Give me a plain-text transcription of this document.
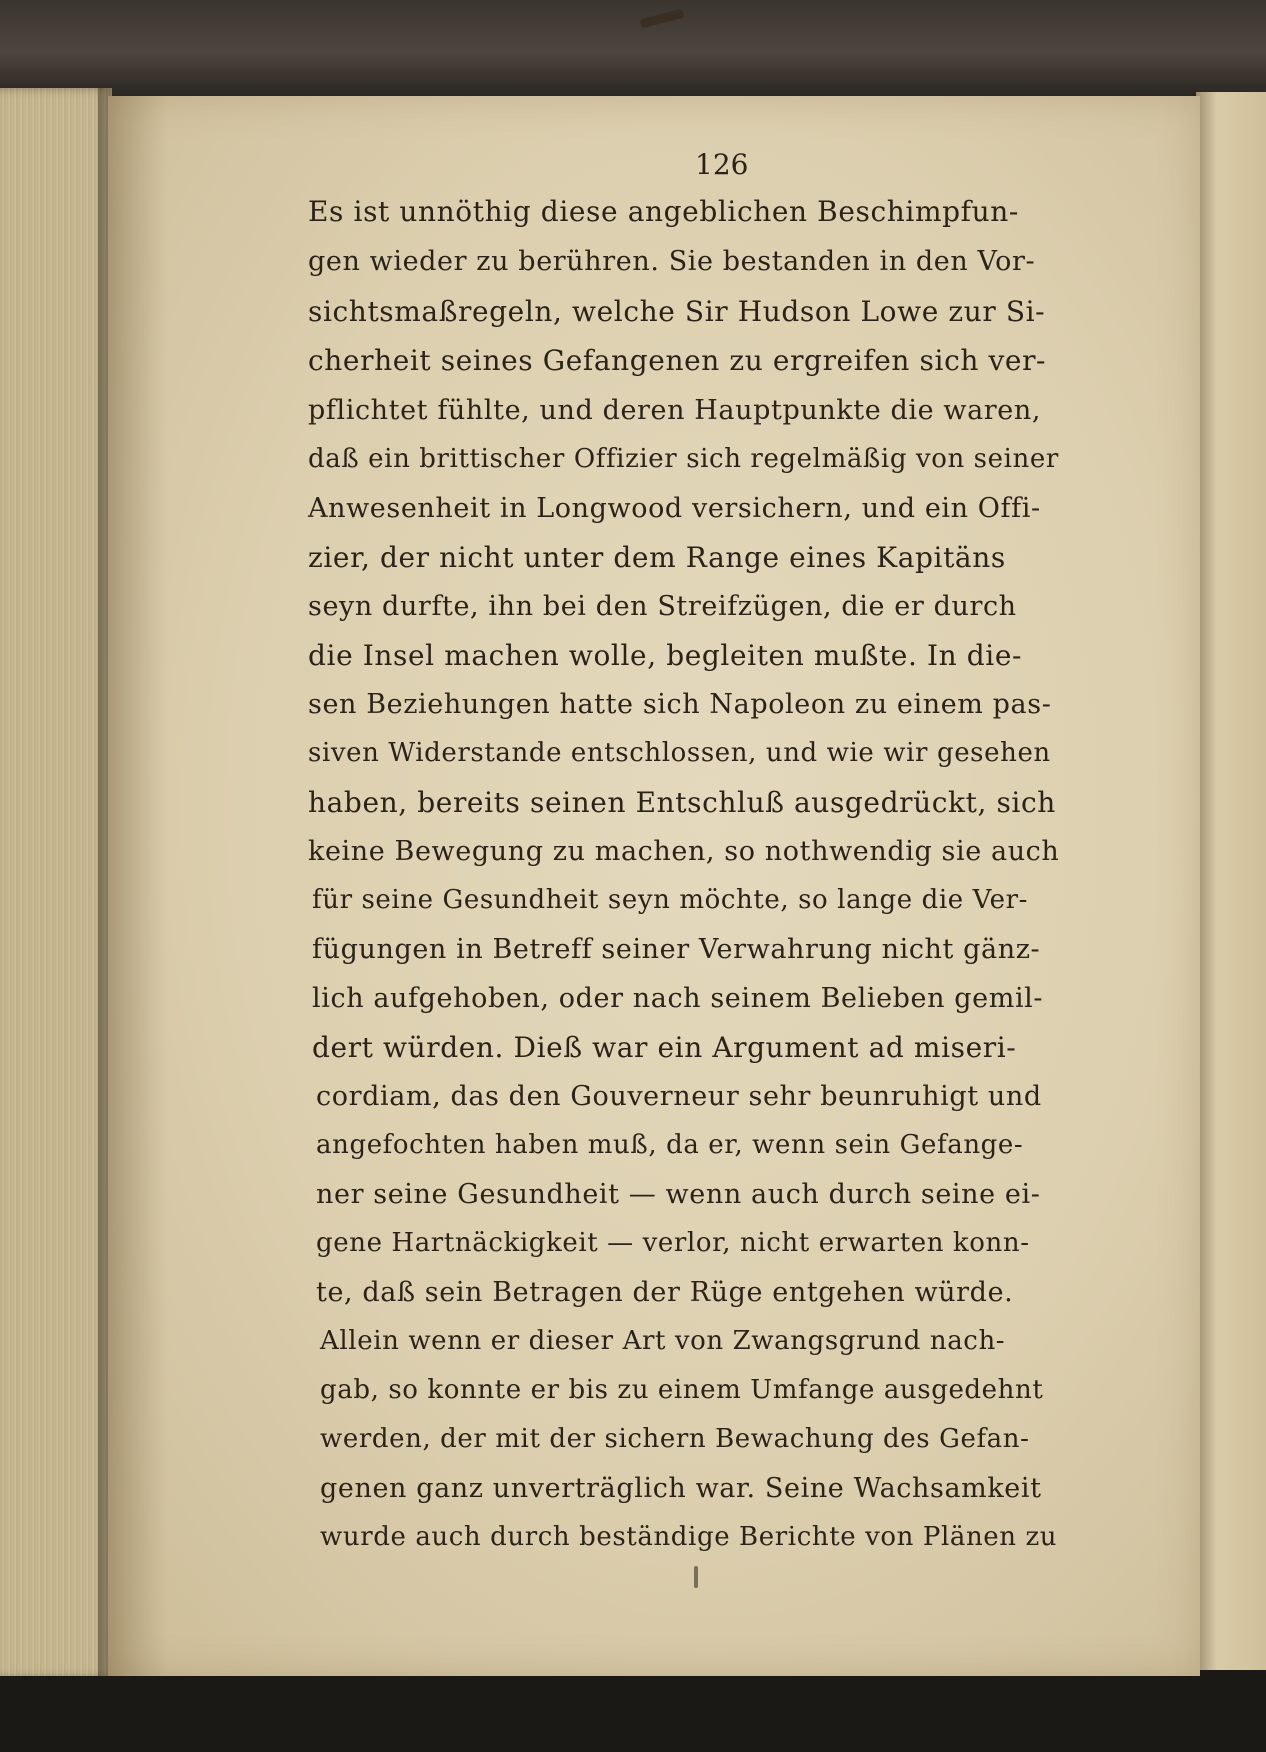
126
Es ist unnöthig diese angeblichen Beschimpfun-
gen wieder zu berühren. Sie bestanden in den Vor-
sichtsmaßregeln, welche Sir Hudson Lowe zur Si-
cherheit seines Gefangenen zu ergreifen sich ver-
pflichtet fühlte, und deren Hauptpunkte die waren,
daß ein brittischer Offizier sich regelmäßig von seiner
Anwesenheit in Longwood versichern, und ein Offi-
zier, der nicht unter dem Range eines Kapitäns
seyn durfte, ihn bei den Streifzügen, die er durch
die Insel machen wolle, begleiten mußte. In die-
sen Beziehungen hatte sich Napoleon zu einem pas-
siven Widerstande entschlossen, und wie wir gesehen
haben, bereits seinen Entschluß ausgedrückt, sich
keine Bewegung zu machen, so nothwendig sie auch
für seine Gesundheit seyn möchte, so lange die Ver-
fügungen in Betreff seiner Verwahrung nicht gänz-
lich aufgehoben, oder nach seinem Belieben gemil-
dert würden. Dieß war ein Argument ad miseri-
cordiam, das den Gouverneur sehr beunruhigt und
angefochten haben muß, da er, wenn sein Gefange-
ner seine Gesundheit — wenn auch durch seine ei-
gene Hartnäckigkeit — verlor, nicht erwarten konn-
te, daß sein Betragen der Rüge entgehen würde.
Allein wenn er dieser Art von Zwangsgrund nach-
gab, so konnte er bis zu einem Umfange ausgedehnt
werden, der mit der sichern Bewachung des Gefan-
genen ganz unverträglich war. Seine Wachsamkeit
wurde auch durch beständige Berichte von Plänen zu
